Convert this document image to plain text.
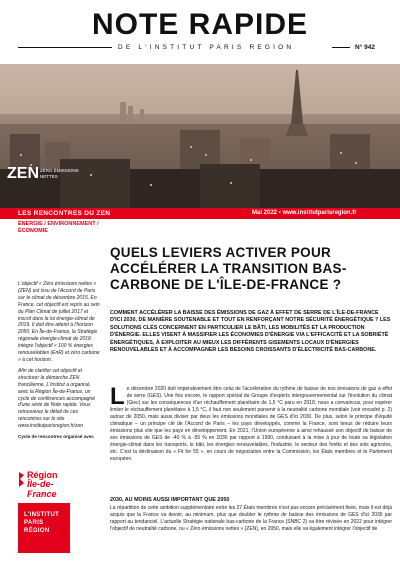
NOTE RAPIDE
DE L'INSTITUT PARIS REGION	N° 942
ZEN ZÉRO ÉMISSIONS NETTES
LES RENCONTRES DU ZEN	Mai 2022 • www.institutparisregion.fr
ÉNERGIE / ENVIRONNEMENT /
ÉCONOMIE
QUELS LEVIERS ACTIVER POUR ACCÉLÉRER LA TRANSITION BAS-CARBONE DE L'ÎLE-DE-FRANCE ?
COMMENT ACCÉLÉRER LA BAISSE DES ÉMISSIONS DE GAZ À EFFET DE SERRE DE L'ÎLE-DE-FRANCE D'ICI 2030, DE MANIÈRE SOUTENABLE ET TOUT EN RENFORÇANT NOTRE SÉCURITÉ ÉNERGÉTIQUE ? LES SOLUTIONS CLÉS CONCERNENT EN PARTICULIER LE BÂTI, LES MOBILITÉS ET LA PRODUCTION D'ÉNERGIE. ELLES VISENT À MASSIFIER LES ÉCONOMIES D'ÉNERGIE VIA L'EFFICACITÉ ET LA SOBRIÉTÉ ÉNERGÉTIQUES, À EXPLOITER AU MIEUX LES DIFFÉRENTS GISEMENTS LOCAUX D'ÉNERGIES RENOUVELABLES ET À ACCOMPAGNER LES BESOINS CROISSANTS D'ÉLECTRICITÉ BAS-CARBONE.
L e décembre 2020 doit impérativement être celui de l'accélération du rythme de baisse de nos émissions de gaz à effet de serre (GES). Une fois encore, le rapport spécial du Groupe d'experts intergouvernemental sur l'évolution du climat (Giec) sur les conséquences d'un réchauffement planétaire de 1,5 °C paru en 2018, nous a convaincus, pour espérer limiter le réchauffement planétaire à 1,5 °C, il faut non seulement parvenir à la neutralité carbone mondiale (voir encadré p. 2) autour de 2050, mais aussi diviser par deux les émissions mondiales de GES d'ici 2030. De plus, selon le principe d'équité climatique – un principe clé de l'Accord de Paris – les pays développés, comme la France, sont tenus de réduire leurs émissions plus vite que les pays en développement. En 2021, l'Union européenne a ainsi rehaussé son objectif de baisse de ses émissions de GES de -40 % à -55 % en 2030 par rapport à 1990, conduisant à la mise à jour de toute sa législation énergie-climat dans les transports, le bâti, les énergies renouvelables, l'industrie, le secteur des forêts et des sols agricoles, etc. C'est la déclinaison du « Fit for 55 », en cours de négociation entre la Commission, les États membres et le Parlement européen.
2030, AU MOINS AUSSI IMPORTANT QUE 2050
La répartition de cette ambition supplémentaire entre les 27 États membres n'est pas encore précisément fixée, mais il est déjà acquis que la France va devoir, au minimum, plus que doubler le rythme de baisse des émissions de GES d'ici 2030 par rapport au tendanciel. L'actuelle Stratégie nationale bas-carbone de la France (SNBC 2) va être révisée en 2022 pour intégrer l'objectif de neutralité carbone, ou « Zéro émissions nettes » (ZEN), en 2050, mais elle va également intégrer l'objectif de

L'objectif « Zéro émissions nettes » (ZEN) est issu de l'Accord de Paris sur le climat de décembre 2015. En France, cet objectif est repris au sein du Plan Climat de juillet 2017 et inscrit dans la loi énergie-climat de 2019. Il doit être atteint à l'horizon 2050. En Île-de-France, la Stratégie régionale énergie-climat de 2018 intègre l'objectif « 100 % énergies renouvelables (EnR) et zéro carbone » à cet horizon.

Afin de clarifier cet objectif et structurer la démarche ZEN francilienne, L'Institut a organisé, avec la Région Île-de-France, un cycle de conférences accompagné d'une série de Note rapide. Vous retrouverez le détail de ces rencontres sur le site www.institutparisregion.fr/zen

Cycle de rencontres organisé avec

Région
Île-de-France
L'INSTITUT PARIS RÉGION
